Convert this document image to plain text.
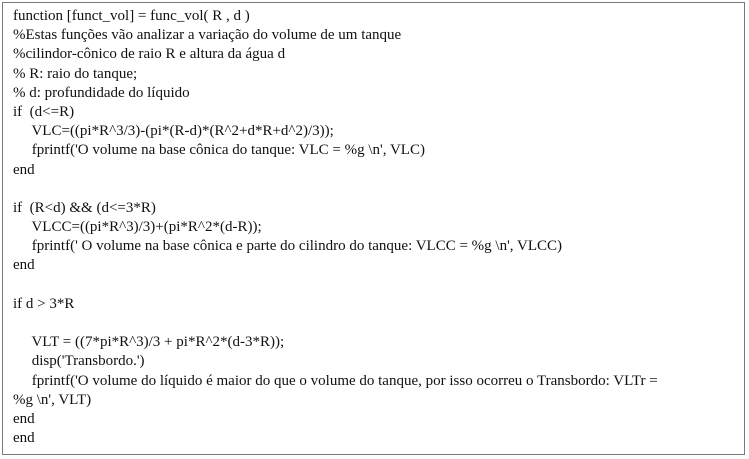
function [funct_vol] = func_vol( R , d )
%Estas funções vão analizar a variação do volume de um tanque
%cilindor-cônico de raio R e altura da água d
% R: raio do tanque;
% d: profundidade do líquido
if  (d<=R)
VLC=((pi*R^3/3)-(pi*(R-d)*(R^2+d*R+d^2)/3));
fprintf('O volume na base cônica do tanque: VLC = %g \n', VLC)
end
if  (R<d) && (d<=3*R)
VLCC=((pi*R^3)/3)+(pi*R^2*(d-R));
fprintf(' O volume na base cônica e parte do cilindro do tanque: VLCC = %g \n', VLCC)
end
if d > 3*R
VLT = ((7*pi*R^3)/3 + pi*R^2*(d-3*R));
disp('Transbordo.')
fprintf('O volume do líquido é maior do que o volume do tanque, por isso ocorreu o Transbordo: VLTr =
%g \n', VLT)
end
end
